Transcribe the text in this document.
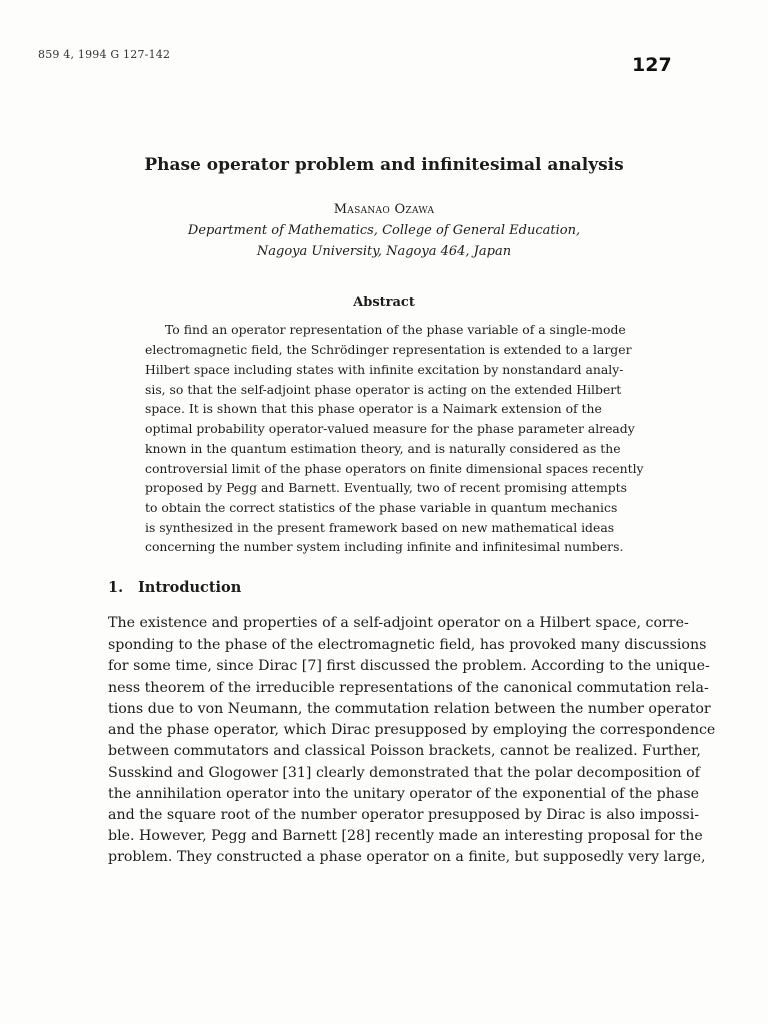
859 4, 1994 G 127-142	127
Phase operator problem and infinitesimal analysis
Masanao Ozawa
Department of Mathematics, College of General Education,
Nagoya University, Nagoya 464, Japan
Abstract
To find an operator representation of the phase variable of a single-mode
electromagnetic field, the Schrödinger representation is extended to a larger
Hilbert space including states with infinite excitation by nonstandard analy-
sis, so that the self-adjoint phase operator is acting on the extended Hilbert
space. It is shown that this phase operator is a Naimark extension of the
optimal probability operator-valued measure for the phase parameter already
known in the quantum estimation theory, and is naturally considered as the
controversial limit of the phase operators on finite dimensional spaces recently
proposed by Pegg and Barnett. Eventually, two of recent promising attempts
to obtain the correct statistics of the phase variable in quantum mechanics
is synthesized in the present framework based on new mathematical ideas
concerning the number system including infinite and infinitesimal numbers.
1. Introduction
The existence and properties of a self-adjoint operator on a Hilbert space, corre-
sponding to the phase of the electromagnetic field, has provoked many discussions
for some time, since Dirac [7] first discussed the problem. According to the unique-
ness theorem of the irreducible representations of the canonical commutation rela-
tions due to von Neumann, the commutation relation between the number operator
and the phase operator, which Dirac presupposed by employing the correspondence
between commutators and classical Poisson brackets, cannot be realized. Further,
Susskind and Glogower [31] clearly demonstrated that the polar decomposition of
the annihilation operator into the unitary operator of the exponential of the phase
and the square root of the number operator presupposed by Dirac is also impossi-
ble. However, Pegg and Barnett [28] recently made an interesting proposal for the
problem. They constructed a phase operator on a finite, but supposedly very large,
